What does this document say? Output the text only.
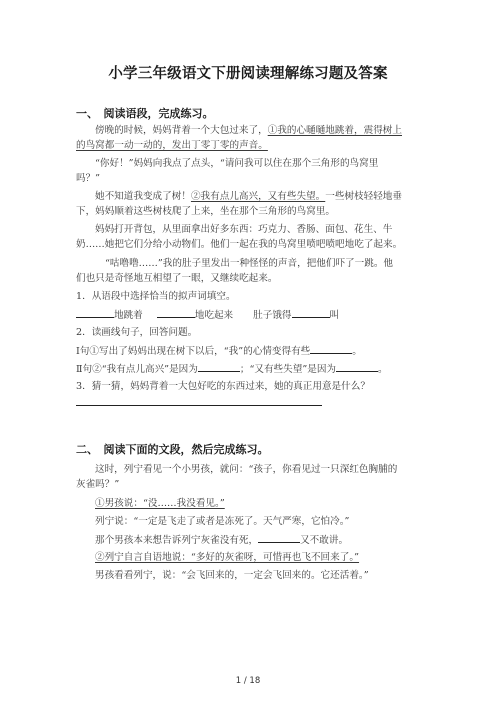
小学三年级语文下册阅读理解练习题及答案
一、　阅读语段，完成练习。
傍晚的时候，妈妈背着一个大包过来了，①我的心嗵嗵地跳着，震得树上
的鸟窝都一动一动的，发出丁零丁零的声音。
“你好！”妈妈向我点了点头，“请问我可以住在那个三角形的鸟窝里
吗？”
她不知道我变成了树！②我有点儿高兴，又有些失望。一些树枝轻轻地垂
下，妈妈顺着这些树枝爬了上来，坐在那个三角形的鸟窝里。
妈妈打开背包，从里面拿出好多东西：巧克力、香肠、面包、花生、牛
奶……她把它们分给小动物们。他们一起在我的鸟窝里喷吧喷吧地吃了起来。
“咕噜噜……”我的肚子里发出一种怪怪的声音，把他们吓了一跳。他
们也只是奇怪地互相望了一眼，又继续吃起来。
1．从语段中选择恰当的拟声词填空。
地跳着	地吃起来 肚子饿得	叫
2．读画线句子，回答问题。
Ⅰ句①写出了妈妈出现在树下以后，“我”的心情变得有些	。
Ⅱ句②“我有点儿高兴”是因为	；“又有些失望”是因为	。
3．猜一猜，妈妈背着一大包好吃的东西过来，她的真正用意是什么？
二、　阅读下面的文段，然后完成练习。
这时，列宁看见一个小男孩，就问：“孩子，你看见过一只深红色胸脯的
灰雀吗？”
①男孩说：“没……我没看见。”
列宁说：“一定是飞走了或者是冻死了。天气严寒，它怕冷。”
那个男孩本来想告诉列宁灰雀没有死，	又不敢讲。
②列宁自言自语地说：“多好的灰雀呀，可惜再也飞不回来了。”
男孩看看列宁，说：“会飞回来的，一定会飞回来的。它还活着。”
1 / 18
